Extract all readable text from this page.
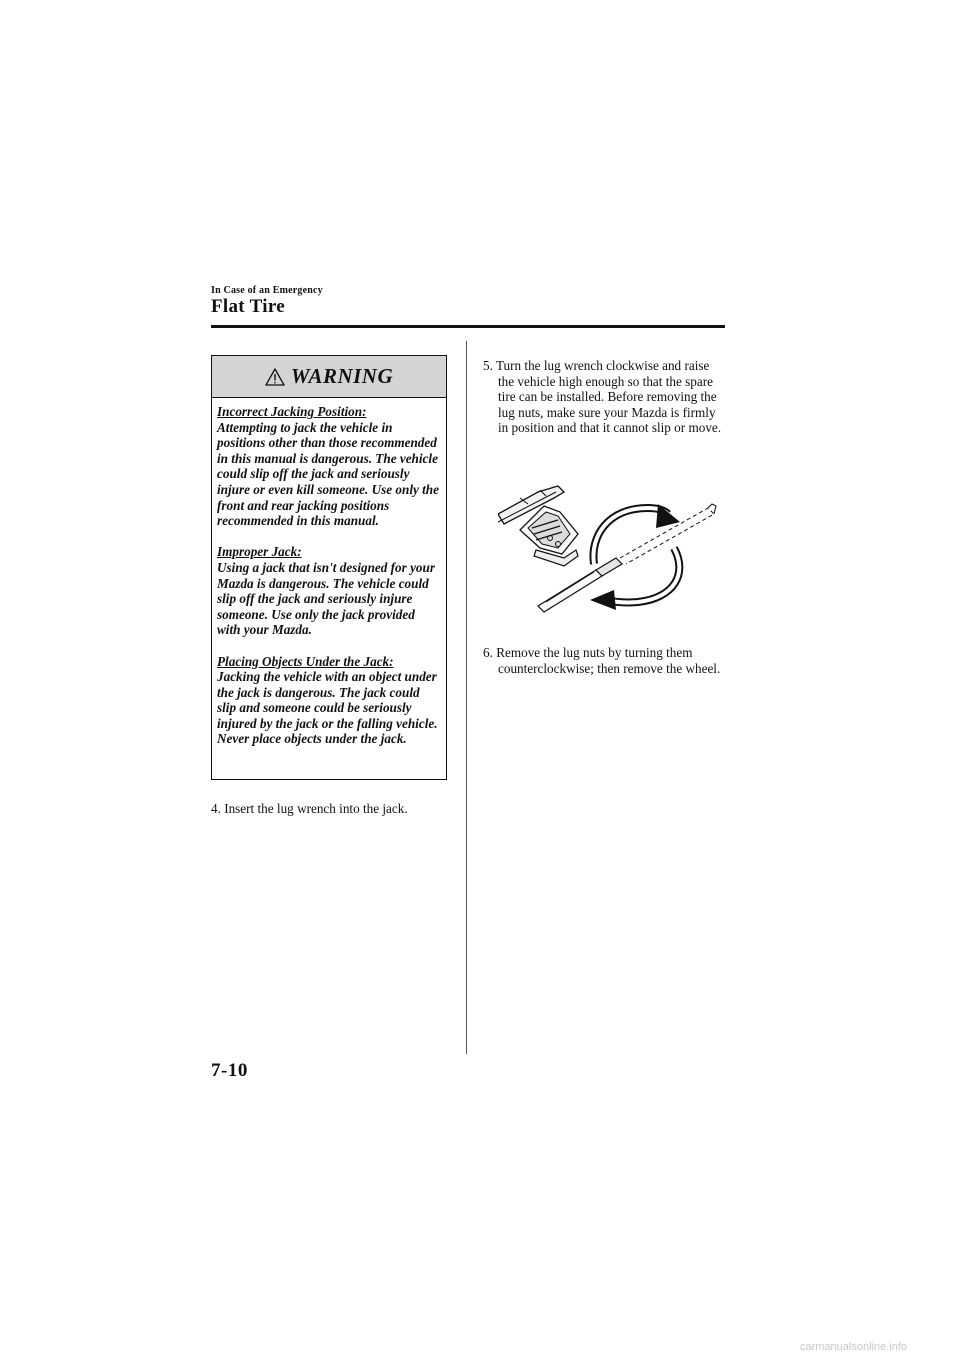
In Case of an Emergency
Flat Tire
WARNING
Incorrect Jacking Position:
Attempting to jack the vehicle in positions other than those recommended in this manual is dangerous. The vehicle could slip off the jack and seriously injure or even kill someone. Use only the front and rear jacking positions recommended in this manual.
Improper Jack:
Using a jack that isn't designed for your Mazda is dangerous. The vehicle could slip off the jack and seriously injure someone. Use only the jack provided with your Mazda.
Placing Objects Under the Jack:
Jacking the vehicle with an object under the jack is dangerous. The jack could slip and someone could be seriously injured by the jack or the falling vehicle. Never place objects under the jack.
4. Insert the lug wrench into the jack.
5. Turn the lug wrench clockwise and raise the vehicle high enough so that the spare tire can be installed. Before removing the lug nuts, make sure your Mazda is firmly in position and that it cannot slip or move.
6. Remove the lug nuts by turning them counterclockwise; then remove the wheel.
7-10
carmanualsonline.info
